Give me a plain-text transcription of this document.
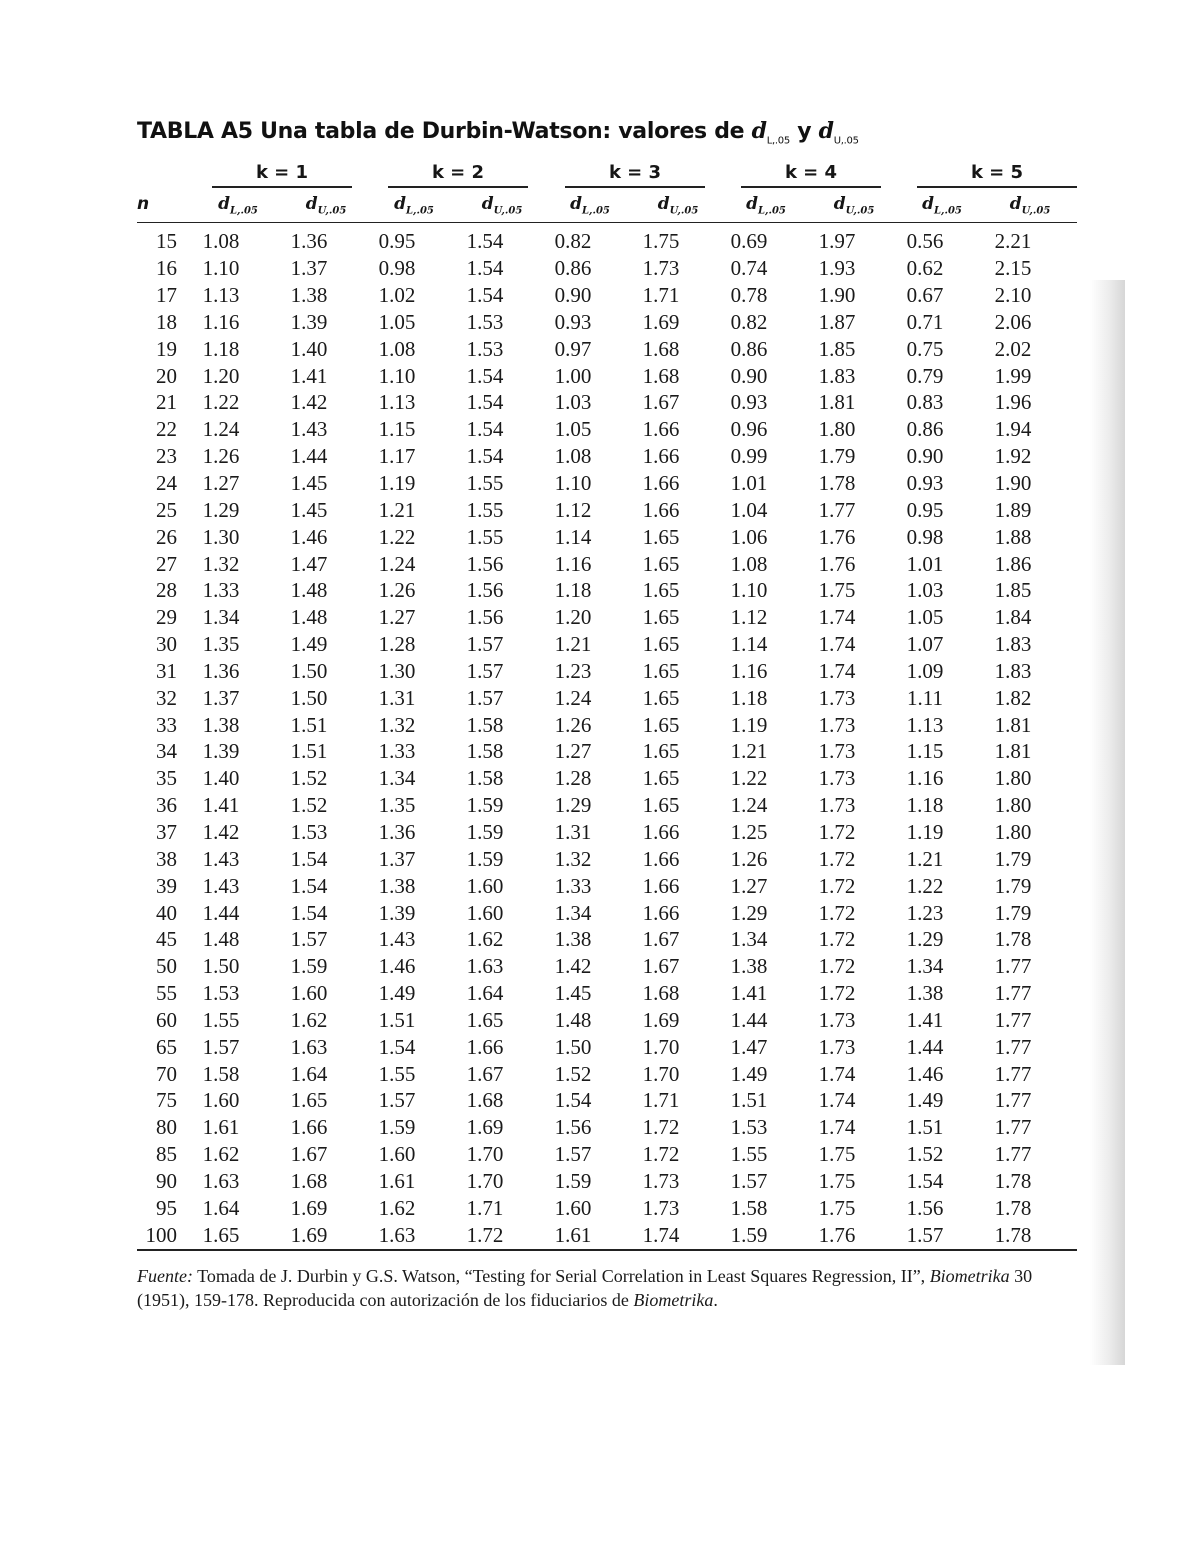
TABLA A5 Una tabla de Durbin-Watson: valores de $d_{L,.05}$ y $d_{U,.05}$
k = 1	k = 2	k = 3	k = 4	k = 5
n	$d_{L,.05}$	$d_{U,.05}$	$d_{L,.05}$	$d_{U,.05}$	$d_{L,.05}$	$d_{U,.05}$	$d_{L,.05}$	$d_{U,.05}$	$d_{L,.05}$	$d_{U,.05}$
15	1.08	1.36	0.95	1.54	0.82	1.75	0.69	1.97	0.56	2.21
16	1.10	1.37	0.98	1.54	0.86	1.73	0.74	1.93	0.62	2.15
17	1.13	1.38	1.02	1.54	0.90	1.71	0.78	1.90	0.67	2.10
18	1.16	1.39	1.05	1.53	0.93	1.69	0.82	1.87	0.71	2.06
19	1.18	1.40	1.08	1.53	0.97	1.68	0.86	1.85	0.75	2.02
20	1.20	1.41	1.10	1.54	1.00	1.68	0.90	1.83	0.79	1.99
21	1.22	1.42	1.13	1.54	1.03	1.67	0.93	1.81	0.83	1.96
22	1.24	1.43	1.15	1.54	1.05	1.66	0.96	1.80	0.86	1.94
23	1.26	1.44	1.17	1.54	1.08	1.66	0.99	1.79	0.90	1.92
24	1.27	1.45	1.19	1.55	1.10	1.66	1.01	1.78	0.93	1.90
25	1.29	1.45	1.21	1.55	1.12	1.66	1.04	1.77	0.95	1.89
26	1.30	1.46	1.22	1.55	1.14	1.65	1.06	1.76	0.98	1.88
27	1.32	1.47	1.24	1.56	1.16	1.65	1.08	1.76	1.01	1.86
28	1.33	1.48	1.26	1.56	1.18	1.65	1.10	1.75	1.03	1.85
29	1.34	1.48	1.27	1.56	1.20	1.65	1.12	1.74	1.05	1.84
30	1.35	1.49	1.28	1.57	1.21	1.65	1.14	1.74	1.07	1.83
31	1.36	1.50	1.30	1.57	1.23	1.65	1.16	1.74	1.09	1.83
32	1.37	1.50	1.31	1.57	1.24	1.65	1.18	1.73	1.11	1.82
33	1.38	1.51	1.32	1.58	1.26	1.65	1.19	1.73	1.13	1.81
34	1.39	1.51	1.33	1.58	1.27	1.65	1.21	1.73	1.15	1.81
35	1.40	1.52	1.34	1.58	1.28	1.65	1.22	1.73	1.16	1.80
36	1.41	1.52	1.35	1.59	1.29	1.65	1.24	1.73	1.18	1.80
37	1.42	1.53	1.36	1.59	1.31	1.66	1.25	1.72	1.19	1.80
38	1.43	1.54	1.37	1.59	1.32	1.66	1.26	1.72	1.21	1.79
39	1.43	1.54	1.38	1.60	1.33	1.66	1.27	1.72	1.22	1.79
40	1.44	1.54	1.39	1.60	1.34	1.66	1.29	1.72	1.23	1.79
45	1.48	1.57	1.43	1.62	1.38	1.67	1.34	1.72	1.29	1.78
50	1.50	1.59	1.46	1.63	1.42	1.67	1.38	1.72	1.34	1.77
55	1.53	1.60	1.49	1.64	1.45	1.68	1.41	1.72	1.38	1.77
60	1.55	1.62	1.51	1.65	1.48	1.69	1.44	1.73	1.41	1.77
65	1.57	1.63	1.54	1.66	1.50	1.70	1.47	1.73	1.44	1.77
70	1.58	1.64	1.55	1.67	1.52	1.70	1.49	1.74	1.46	1.77
75	1.60	1.65	1.57	1.68	1.54	1.71	1.51	1.74	1.49	1.77
80	1.61	1.66	1.59	1.69	1.56	1.72	1.53	1.74	1.51	1.77
85	1.62	1.67	1.60	1.70	1.57	1.72	1.55	1.75	1.52	1.77
90	1.63	1.68	1.61	1.70	1.59	1.73	1.57	1.75	1.54	1.78
95	1.64	1.69	1.62	1.71	1.60	1.73	1.58	1.75	1.56	1.78
100	1.65	1.69	1.63	1.72	1.61	1.74	1.59	1.76	1.57	1.78
Fuente: Tomada de J. Durbin y G.S. Watson, “Testing for Serial Correlation in Least Squares Regression, II”, Biometrika 30 (1951), 159-178. Reproducida con autorización de los fiduciarios de Biometrika.
